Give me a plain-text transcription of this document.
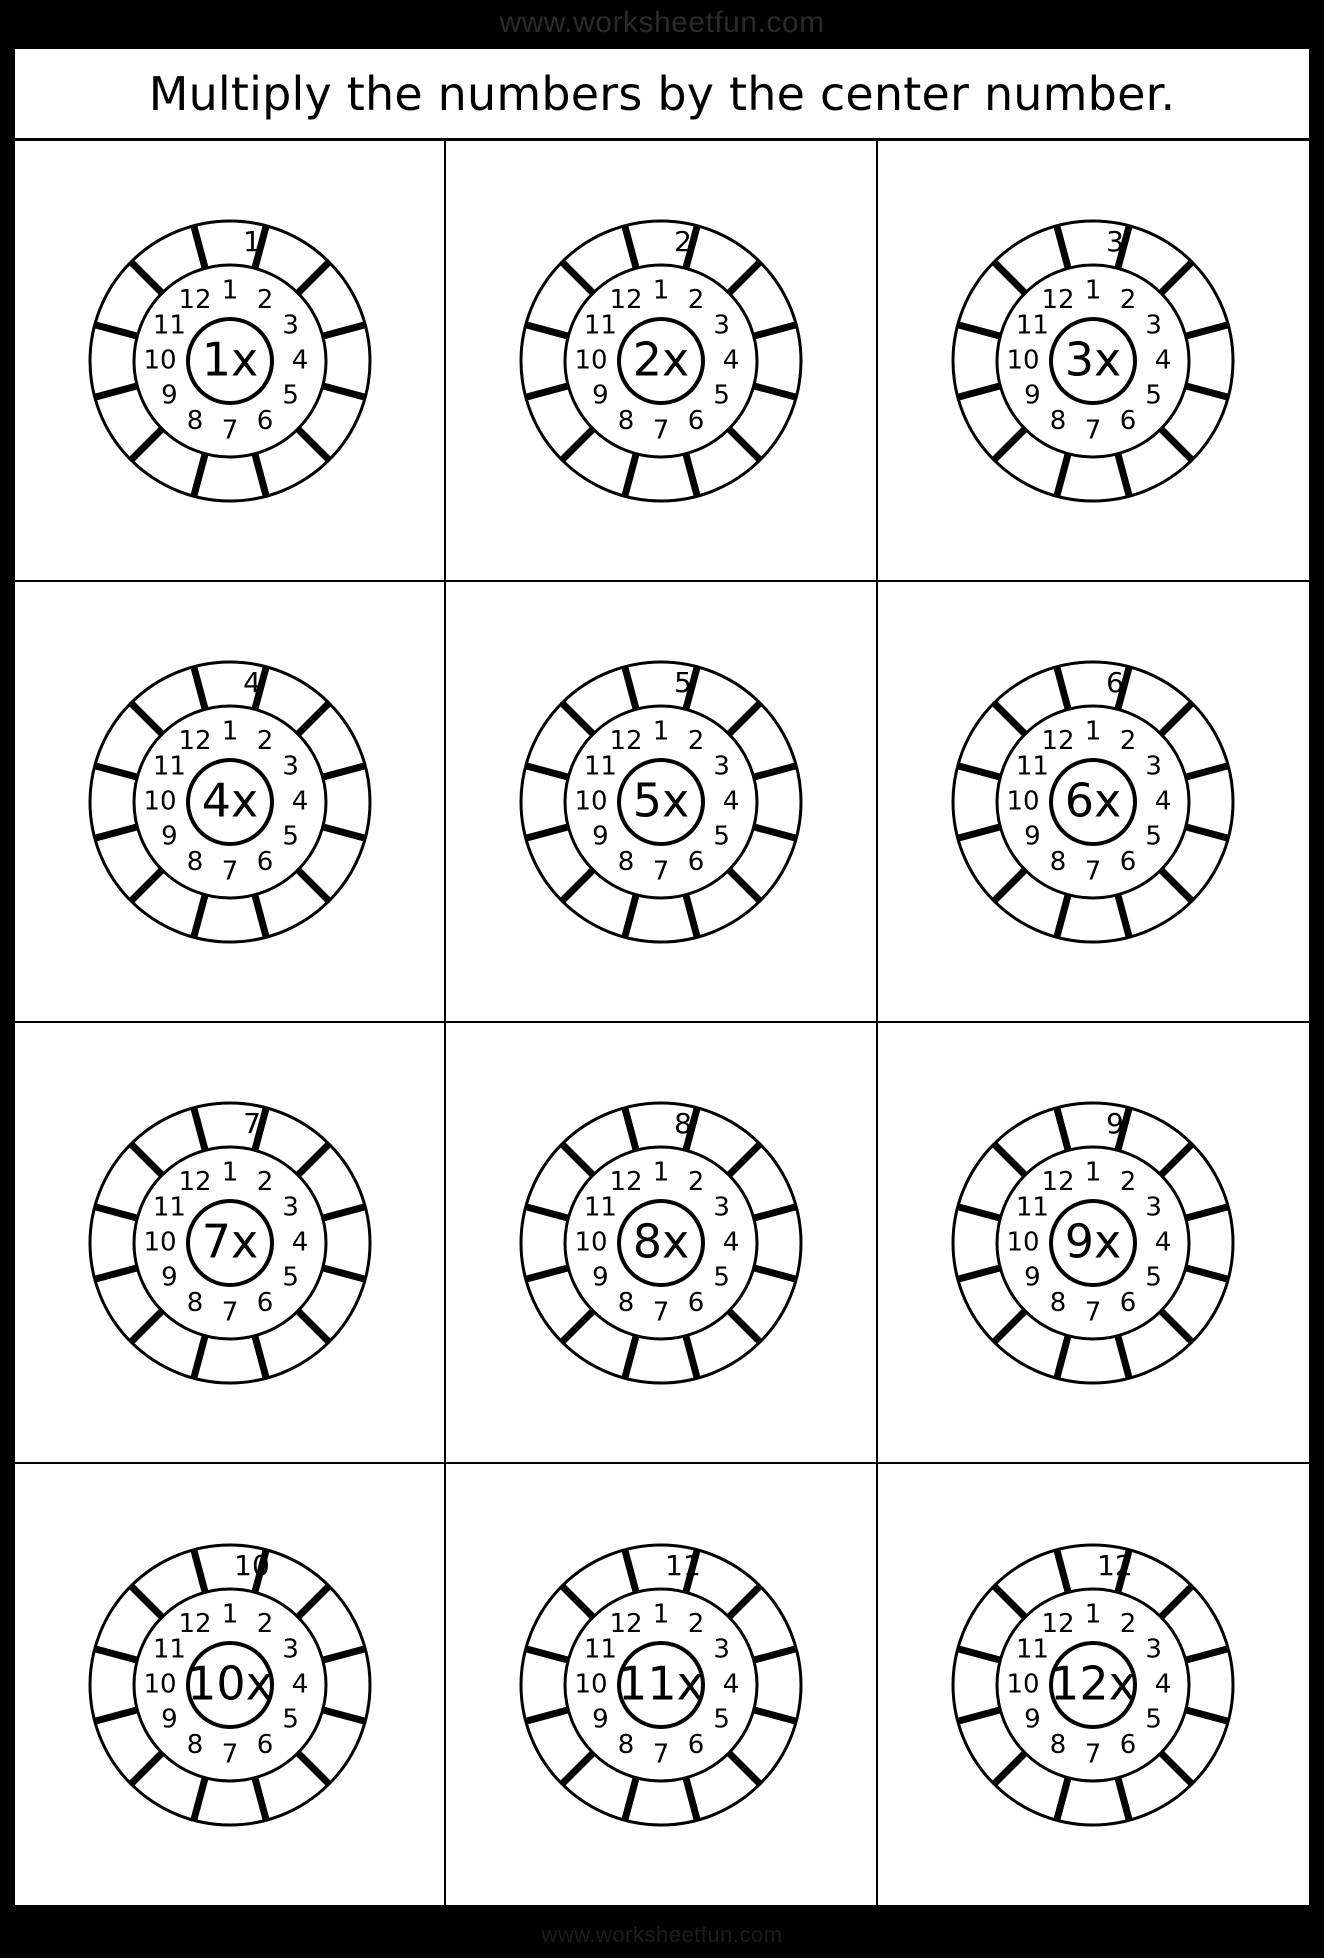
www.worksheetfun.com
Multiply the numbers by the center number.
1 2
3
4
5
6
7
8
9
10
11
12
1
1x
1 2
3
4
5
6
7
8
9
10
11
12
2
2x
1 2
3
4
5
6
7
8
9
10
11
12
3
3x
1 2
3
4
5
6
7
8
9
10
11
12
4
4x
1 2
3
4
5
6
7
8
9
10
11
12
5
5x
1 2
3
4
5
6
7
8
9
10
11
12
6
6x
1 2
3
4
5
6
7
8
9
10
11
12
7
7x
1 2
3
4
5
6
7
8
9
10
11
12
8
8x
1 2
3
4
5
6
7
8
9
10
11
12
9
9x
1 2
3
4
5
6
7
8
9
10
11
12
10
10x
1 2
3
4
5
6
7
8
9
10
11
12
11
11x
1 2
3
4
5
6
7
8
9
10
11
12
12
12x
www.worksheetfun.com
